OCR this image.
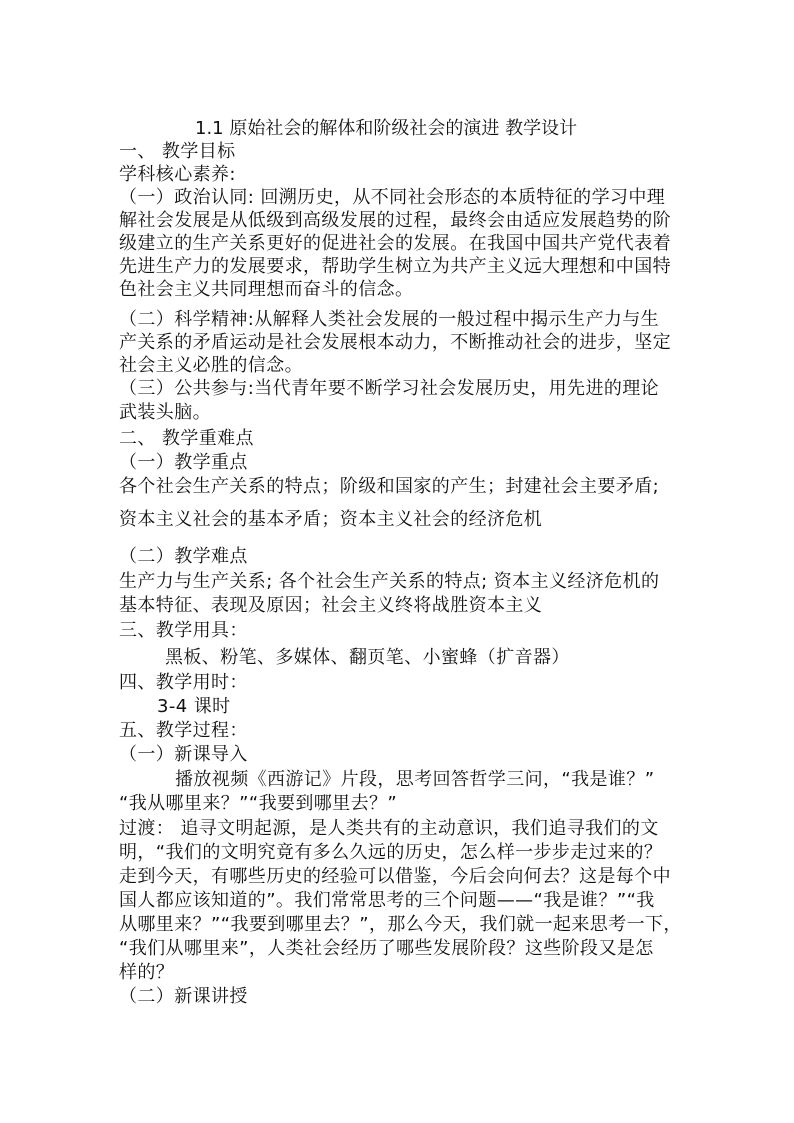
1.1 原始社会的解体和阶级社会的演进 教学设计
一、 教学目标
学科核心素养:
（一）政治认同: 回溯历史，从不同社会形态的本质特征的学习中理
解社会发展是从低级到高级发展的过程，最终会由适应发展趋势的阶
级建立的生产关系更好的促进社会的发展。在我国中国共产党代表着
先进生产力的发展要求，帮助学生树立为共产主义远大理想和中国特
色社会主义共同理想而奋斗的信念。
（二）科学精神:从解释人类社会发展的一般过程中揭示生产力与生
产关系的矛盾运动是社会发展根本动力，不断推动社会的进步，坚定
社会主义必胜的信念。
（三）公共参与:当代青年要不断学习社会发展历史，用先进的理论
武装头脑。
二、 教学重难点
（一）教学重点
各个社会生产关系的特点；阶级和国家的产生；封建社会主要矛盾;
资本主义社会的基本矛盾；资本主义社会的经济危机
（二）教学难点
生产力与生产关系; 各个社会生产关系的特点; 资本主义经济危机的
基本特征、表现及原因；社会主义终将战胜资本主义
三、教学用具：
黑板、粉笔、多媒体、翻页笔、小蜜蜂（扩音器）
四、教学用时：
3-4 课时
五、教学过程：
（一）新课导入
播放视频《西游记》片段，思考回答哲学三问，“我是谁？”
“我从哪里来？”“我要到哪里去？”
过渡： 追寻文明起源，是人类共有的主动意识，我们追寻我们的文
明，“我们的文明究竟有多么久远的历史，怎么样一步步走过来的？
走到今天，有哪些历史的经验可以借鉴，今后会向何去？这是每个中
国人都应该知道的”。我们常常思考的三个问题——“我是谁？”“我
从哪里来？”“我要到哪里去？”，那么今天，我们就一起来思考一下，
“我们从哪里来”，人类社会经历了哪些发展阶段？这些阶段又是怎
样的？
（二）新课讲授
